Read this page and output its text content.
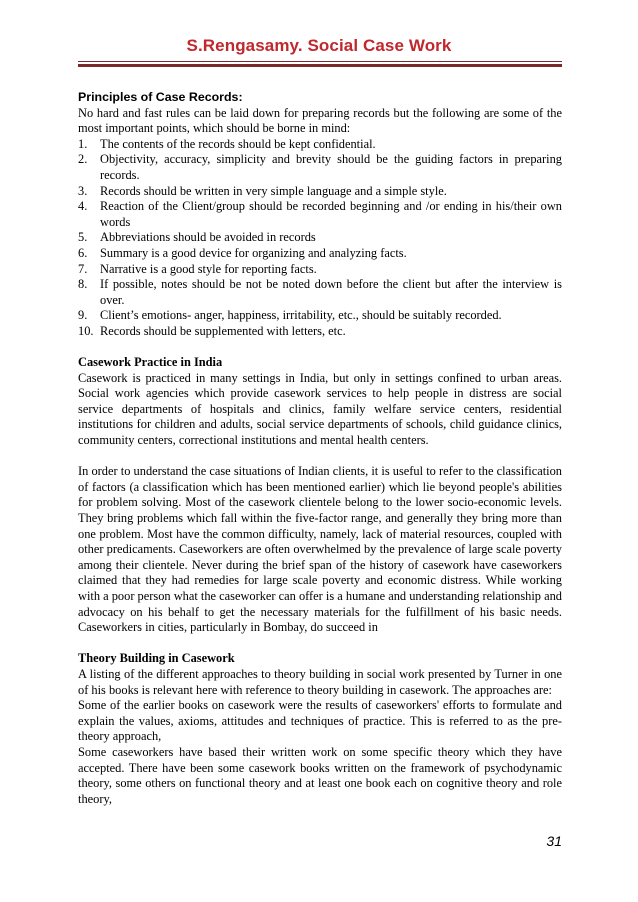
S.Rengasamy. Social Case Work
Principles of Case Records:

No hard and fast rules can be laid down for preparing records but the following are some of the most important points, which should be borne in mind:

1. The contents of the records should be kept confidential.
2. Objectivity, accuracy, simplicity and brevity should be the guiding factors in preparing records.
3. Records should be written in very simple language and a simple style.
4. Reaction of the Client/group should be recorded beginning and /or ending in his/their own words
5. Abbreviations should be avoided in records
6. Summary is a good device for organizing and analyzing facts.
7. Narrative is a good style for reporting facts.
8. If possible, notes should be not be noted down before the client but after the interview is over.
9. Client’s emotions- anger, happiness, irritability, etc., should be suitably recorded.
10. Records should be supplemented with letters, etc.
Casework Practice in India

Casework is practiced in many settings in India, but only in settings confined to urban areas. Social work agencies which provide casework services to help people in distress are social service departments of hospitals and clinics, family welfare service centers, residential institutions for children and adults, social service departments of schools, child guidance clinics, community centers, correctional institutions and mental health centers.

In order to understand the case situations of Indian clients, it is useful to refer to the classification of factors (a classification which has been mentioned earlier) which lie beyond people's abilities for problem solving. Most of the casework clientele belong to the lower socio-economic levels. They bring problems which fall within the five-factor range, and generally they bring more than one problem. Most have the common difficulty, namely, lack of material resources, coupled with other predicaments. Caseworkers are often overwhelmed by the prevalence of large scale poverty among their clientele. Never during the brief span of the history of casework have caseworkers claimed that they had remedies for large scale poverty and economic distress. While working with a poor person what the caseworker can offer is a humane and understanding relationship and advocacy on his behalf to get the necessary materials for the fulfillment of his basic needs. Caseworkers in cities, particularly in Bombay, do succeed in

Theory Building in Casework

A listing of the different approaches to theory building in social work presented by Turner in one of his books is relevant here with reference to theory building in casework. The approaches are:

Some of the earlier books on casework were the results of caseworkers' efforts to formulate and explain the values, axioms, attitudes and techniques of practice. This is referred to as the pre-theory approach,

Some caseworkers have based their written work on some specific theory which they have accepted. There have been some casework books written on the framework of psychodynamic theory, some others on functional theory and at least one book each on cognitive theory and role theory,

31
